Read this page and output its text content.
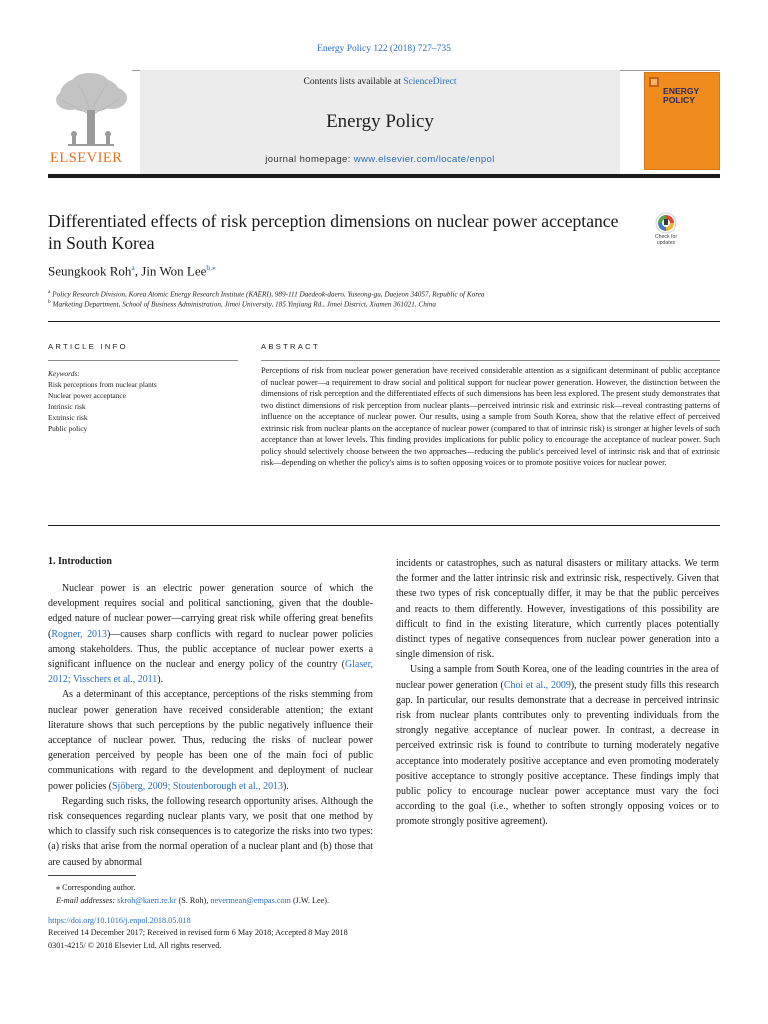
Energy Policy 122 (2018) 727–735
ELSEVIER
Contents lists available at ScienceDirect
Energy Policy
journal homepage: www.elsevier.com/locate/enpol
ENERGY
POLICY
Differentiated effects of risk perception dimensions on nuclear power acceptance in South Korea	Check for
updates
Seungkook Roh$^a$, Jin Won Lee$^{b,⁎}$
$^a$ Policy Research Division, Korea Atomic Energy Research Institute (KAERI), 989-111 Daedeok-daero, Yuseong-gu, Daejeon 34057, Republic of Korea
$^b$ Marketing Department, School of Business Administration, Jimei University, 185 Yinjiang Rd., Jimei District, Xiamen 361021, China
ARTICLE INFO	ABSTRACT
Keywords:
Risk perceptions from nuclear plants
Nuclear power acceptance
Intrinsic risk
Extrinsic risk
Public policy
Perceptions of risk from nuclear power generation have received considerable attention as a significant determinant of public acceptance of nuclear power—a requirement to draw social and political support for nuclear power generation. However, the distinction between the dimensions of risk perception and the differentiated effects of such dimensions has been less explored. The present study demonstrates that two distinct dimensions of risk perception from nuclear plants—perceived intrinsic risk and extrinsic risk—reveal contrasting patterns of influence on the acceptance of nuclear power. Our results, using a sample from South Korea, show that the relative effect of perceived extrinsic risk from nuclear plants on the acceptance of nuclear power (compared to that of intrinsic risk) is stronger at higher levels of such acceptance than at lower levels. This finding provides implications for public policy to encourage the acceptance of nuclear power. Such policy should selectively choose between the two approaches—reducing the public's perceived level of intrinsic risk and that of extrinsic risk—depending on whether the policy's aims is to soften opposing voices or to promote positive voices for nuclear power.
1. Introduction

Nuclear power is an electric power generation source of which the development requires social and political sanctioning, given that the double-edged nature of nuclear power—carrying great risk while offering great benefits (Rogner, 2013)—causes sharp conflicts with regard to nuclear power policies among stakeholders. Thus, the public acceptance of nuclear power exerts a significant influence on the nuclear and energy policy of the country (Glaser, 2012; Visschers et al., 2011).

As a determinant of this acceptance, perceptions of the risks stemming from nuclear power generation have received considerable attention; the extant literature shows that such perceptions by the public negatively influence their acceptance of nuclear power. Thus, reducing the risks of nuclear power generation perceived by people has been one of the main foci of public communications with regard to the development and deployment of nuclear power policies (Sjöberg, 2009; Stoutenborough et al., 2013).

Regarding such risks, the following research opportunity arises. Although the risk consequences regarding nuclear plants vary, we posit that one method by which to classify such risk consequences is to categorize the risks into two types: (a) risks that arise from the normal operation of a nuclear plant and (b) those that are caused by abnormal

incidents or catastrophes, such as natural disasters or military attacks. We term the former and the latter intrinsic risk and extrinsic risk, respectively. Given that these two types of risk conceptually differ, it may be that the public perceives and reacts to them differently. However, investigations of this possibility are difficult to find in the existing literature, which currently places potentially distinct types of negative consequences from nuclear power generation into a single dimension of risk.

Using a sample from South Korea, one of the leading countries in the area of nuclear power generation (Choi et al., 2009), the present study fills this research gap. In particular, our results demonstrate that a decrease in perceived intrinsic risk from nuclear plants contributes only to preventing individuals from the strongly negative acceptance of nuclear power. In contrast, a decrease in perceived extrinsic risk is found to contribute to turning moderately negative acceptance into moderately positive acceptance and even promoting moderately positive acceptance to strongly positive acceptance. These findings imply that public policy to encourage nuclear power acceptance must vary the foci according to the goal (i.e., whether to soften strongly opposing voices or to promote strongly positive agreement).

⁎ Corresponding author.
E-mail addresses: skroh@kaeri.re.kr (S. Roh), nevermean@empas.com (J.W. Lee).
https://doi.org/10.1016/j.enpol.2018.05.018
Received 14 December 2017; Received in revised form 6 May 2018; Accepted 8 May 2018
0301-4215/ © 2018 Elsevier Ltd. All rights reserved.
